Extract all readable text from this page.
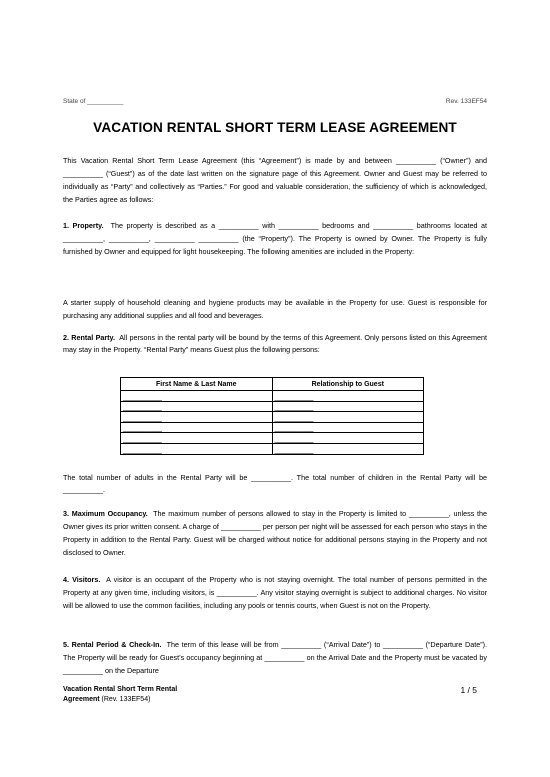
State of __________	Rev. 133EF54
VACATION RENTAL SHORT TERM LEASE AGREEMENT
This Vacation Rental Short Term Lease Agreement (this “Agreement”) is made by and between __________ (“Owner”) and __________ (“Guest”) as of the date last written on the signature page of this Agreement. Owner and Guest may be referred to individually as “Party” and collectively as “Parties.” For good and valuable consideration, the sufficiency of which is acknowledged, the Parties agree as follows:
1. Property. The property is described as a __________ with __________ bedrooms and __________ bathrooms located at __________, __________, __________ __________ (the “Property”). The Property is owned by Owner. The Property is fully furnished by Owner and equipped for light housekeeping. The following amenities are included in the Property:
A starter supply of household cleaning and hygiene products may be available in the Property for use. Guest is responsible for purchasing any additional supplies and all food and beverages.
2. Rental Party. All persons in the rental party will be bound by the terms of this Agreement. Only persons listed on this Agreement may stay in the Property. “Rental Party” means Guest plus the following persons:
First Name & Last Name	Relationship to Guest
__________	__________
__________	__________
__________	__________
__________	__________
__________	__________
__________	__________
The total number of adults in the Rental Party will be __________. The total number of children in the Rental Party will be __________.
3. Maximum Occupancy. The maximum number of persons allowed to stay in the Property is limited to __________, unless the Owner gives its prior written consent. A charge of __________ per person per night will be assessed for each person who stays in the Property in addition to the Rental Party. Guest will be charged without notice for additional persons staying in the Property and not disclosed to Owner.
4. Visitors. A visitor is an occupant of the Property who is not staying overnight. The total number of persons permitted in the Property at any given time, including visitors, is __________. Any visitor staying overnight is subject to additional charges. No visitor will be allowed to use the common facilities, including any pools or tennis courts, when Guest is not on the Property.
5. Rental Period & Check-In. The term of this lease will be from __________ (“Arrival Date”) to __________ (“Departure Date”). The Property will be ready for Guest’s occupancy beginning at __________ on the Arrival Date and the Property must be vacated by __________ on the Departure
Vacation Rental Short Term Rental
Agreement (Rev. 133EF54)
1 / 5
